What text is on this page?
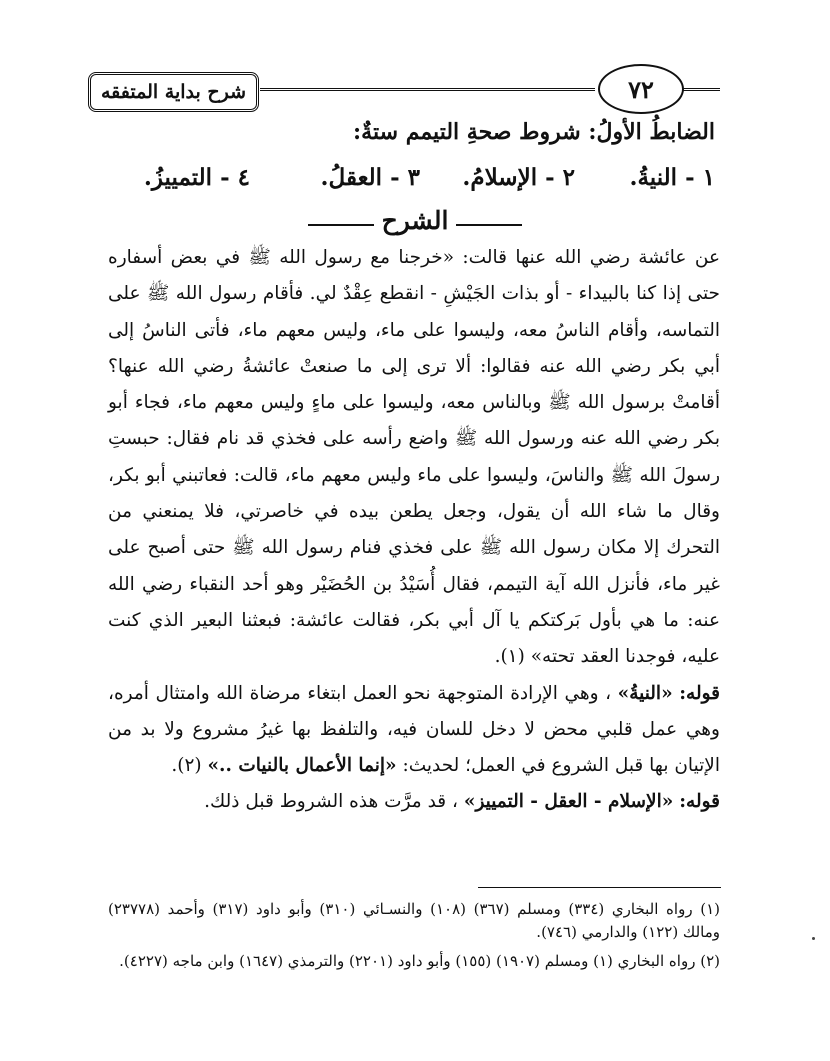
شرح بداية المتفقه	٧٢
الضابطُ الأولُ: شروط صحةِ التيمم ستةٌ:
١ - النيةُ.
٢ - الإسلامُ.
٣ - العقلُ.
٤ - التمييزُ.
الشرح

عن عائشة رضي الله عنها قالت: «خرجنا مع رسول الله ﷺ في بعض أسفاره حتى إذا كنا بالبيداء - أو بذات الجَيْشِ - انقطع عِقْدٌ لي. فأقام رسول الله ﷺ على التماسه، وأقام الناسُ معه، وليسوا على ماء، وليس معهم ماء، فأتى الناسُ إلى أبي بكر رضي الله عنه فقالوا: ألا ترى إلى ما صنعتْ عائشةُ رضي الله عنها؟ أقامتْ برسول الله ﷺ وبالناس معه، وليسوا على ماءٍ وليس معهم ماء، فجاء أبو بكر رضي الله عنه ورسول الله ﷺ واضع رأسه على فخذي قد نام فقال: حبستِ رسولَ الله ﷺ والناسَ، وليسوا على ماء وليس معهم ماء، قالت: فعاتبني أبو بكر، وقال ما شاء الله أن يقول، وجعل يطعن بيده في خاصرتي، فلا يمنعني من التحرك إلا مكان رسول الله ﷺ على فخذي فنام رسول الله ﷺ حتى أصبح على غير ماء، فأنزل الله آية التيمم، فقال أُسَيْدُ بن الحُضَيْر وهو أحد النقباء رضي الله عنه: ما هي بأول بَركتكم يا آل أبي بكر، فقالت عائشة: فبعثنا البعير الذي كنت عليه، فوجدنا العقد تحته» (١).

قوله: «النيةُ» ، وهي الإرادة المتوجهة نحو العمل ابتغاء مرضاة الله وامتثال أمره، وهي عمل قلبي محض لا دخل للسان فيه، والتلفظ بها غيرُ مشروع ولا بد من الإتيان بها قبل الشروع في العمل؛ لحديث: «إنما الأعمال بالنيات ..» (٢).

قوله: «الإسلام - العقل - التمييز» ، قد مرَّت هذه الشروط قبل ذلك.

(١) رواه البخاري (٣٣٤) ومسلم (٣٦٧) (١٠٨) والنسـائي (٣١٠) وأبو داود (٣١٧) وأحمد (٢٣٧٧٨) ومالك (١٢٢) والدارمي (٧٤٦).

(٢) رواه البخاري (١) ومسلم (١٩٠٧) (١٥٥) وأبو داود (٢٢٠١) والترمذي (١٦٤٧) وابن ماجه (٤٢٢٧).
